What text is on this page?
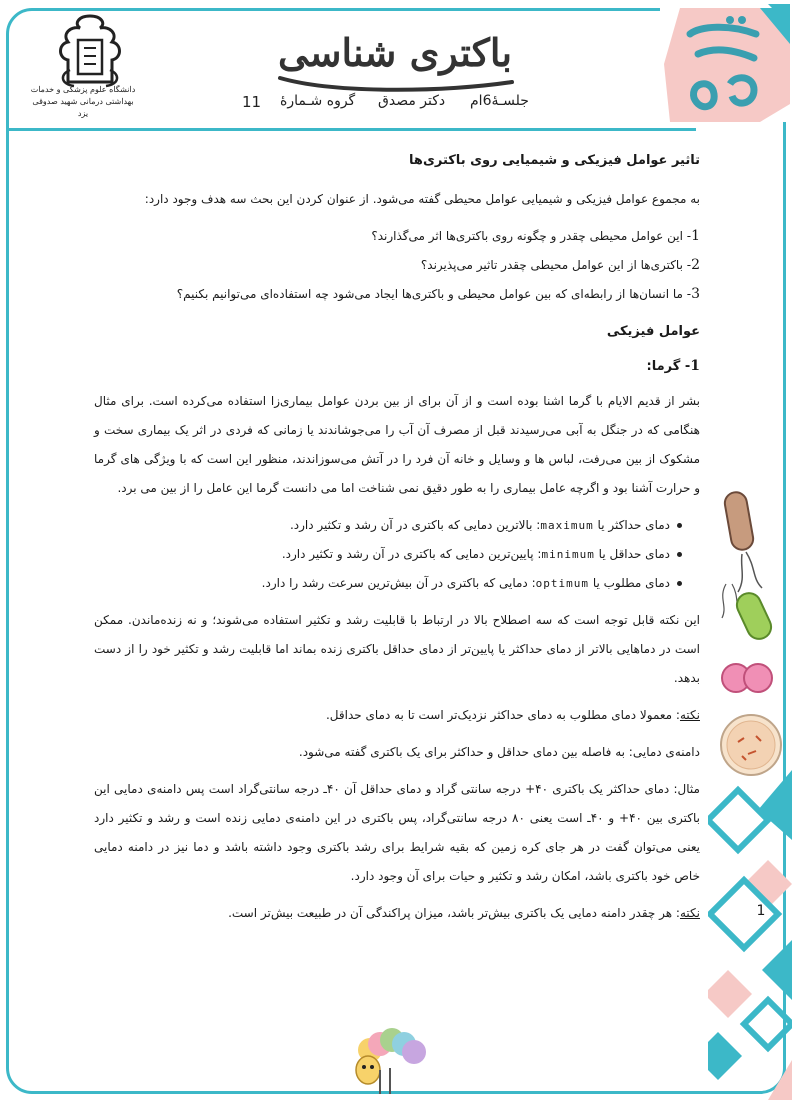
دانشگاه علوم پزشکی و خدمات بهداشتی درمانی شهید صدوقی یزد
باکتری شناسی
جلسـۀ6ام
دکتر مصدق
گروه شـمارۀ
11

تاثیر عوامل فیزیکی و شیمیایی روی باکتری‌ها

به مجموع عوامل فیزیکی و شیمیایی عوامل محیطی گفته می‌شود. از عنوان کردن این بحث سه هدف وجود دارد:

1- این عوامل محیطی چقدر و چگونه روی باکتری‌ها اثر می‌گذارند؟

2- باکتری‌ها از این عوامل محیطی چقدر تاثیر می‌پذیرند؟

3- ما انسان‌ها از رابطه‌ای که بین عوامل محیطی و باکتری‌ها ایجاد می‌شود چه استفاده‌ای می‌توانیم بکنیم؟

عوامل فیزیکی

1- گرما:

بشر از قدیم الایام با گرما اشنا بوده است و از آن برای از بین بردن عوامل بیماری‌زا استفاده می‌کرده است. برای مثال هنگامی که در جنگل به آبی می‌رسیدند قبل از مصرف آن آب را می‌جوشاندند یا زمانی که فردی در اثر یک بیماری سخت و مشکوک از بین می‌رفت، لباس ها و وسایل و خانه آن فرد را در آتش می‌سوزاندند، منظور این است که با ویژگی های گرما و حرارت آشنا بود و اگرچه عامل بیماری را به طور دقیق نمی شناخت اما می دانست گرما این عامل را از بین می برد.

دمای حداکثر یا maximum: بالاترین دمایی که باکتری در آن رشد و تکثیر دارد.
دمای حداقل یا minimum: پایین‌ترین دمایی که باکتری در آن رشد و تکثیر دارد.
دمای مطلوب یا optimum: دمایی که باکتری در آن بیش‌ترین سرعت رشد را دارد.

این نکته قابل توجه است که سه اصطلاح بالا در ارتباط با قابلیت رشد و تکثیر استفاده می‌شوند؛ و نه زنده‌ماندن. ممکن است در دماهایی بالاتر از دمای حداکثر یا پایین‌تر از دمای حداقل باکتری زنده بماند اما قابلیت رشد و تکثیر خود را از دست بدهد.

نکته: معمولا دمای مطلوب به دمای حداکثر نزدیک‌تر است تا به دمای حداقل.

دامنه‌ی دمایی: به فاصله بین دمای حداقل و حداکثر برای یک باکتری گفته می‌شود.

مثال: دمای حداکثر یک باکتری ۴۰+ درجه سانتی گراد و دمای حداقل آن ۴۰ـ درجه سانتی‌گراد است پس دامنه‌ی دمایی این باکتری بین ۴۰+ و ۴۰ـ است یعنی ۸۰ درجه سانتی‌گراد، پس باکتری در این دامنه‌ی دمایی زنده است و رشد و تکثیر دارد یعنی می‌توان گفت در هر جای کره زمین که بقیه شرایط برای رشد باکتری وجود داشته باشد و دما نیز در دامنه دمایی خاص خود باکتری باشد، امکان رشد و تکثیر و حیات برای آن وجود دارد.

نکته: هر چقدر دامنه دمایی یک باکتری بیش‌تر باشد، میزان پراکندگی آن در طبیعت بیش‌تر است.	1
